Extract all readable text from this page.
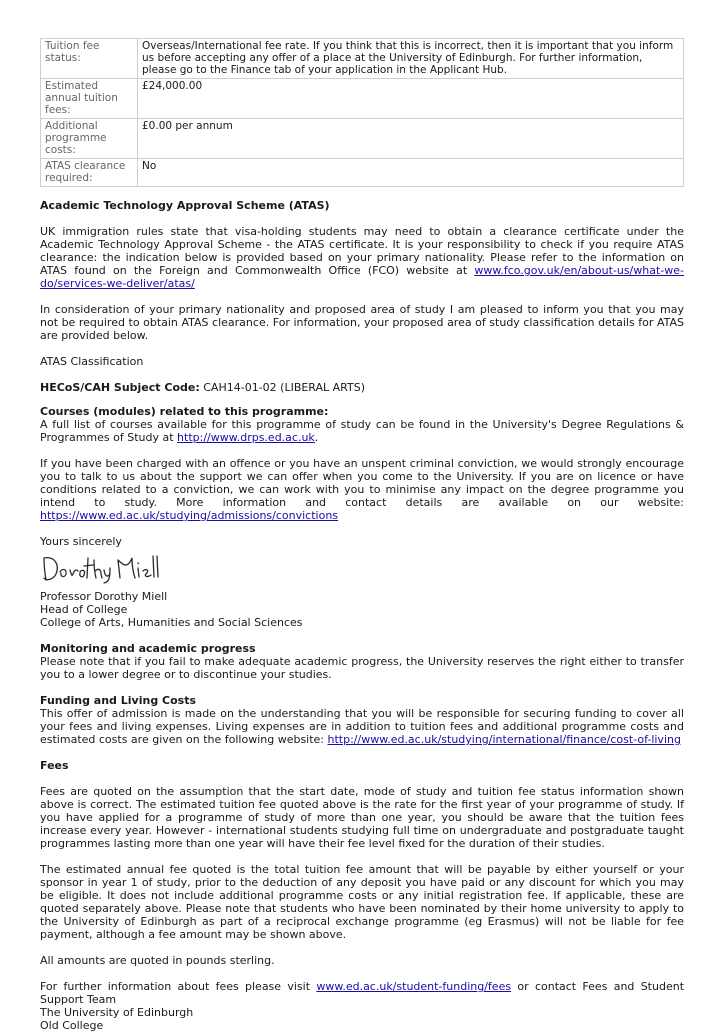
Tuition fee status:	Overseas/International fee rate. If you think that this is incorrect, then it is important that you inform us before accepting any offer of a place at the University of Edinburgh. For further information, please go to the Finance tab of your application in the Applicant Hub.
Estimated annual tuition fees:	£24,000.00
Additional programme costs:	£0.00 per annum
ATAS clearance required:	No

Academic Technology Approval Scheme (ATAS)

UK immigration rules state that visa-holding students may need to obtain a clearance certificate under the Academic Technology Approval Scheme - the ATAS certificate. It is your responsibility to check if you require ATAS clearance: the indication below is provided based on your primary nationality. Please refer to the information on ATAS found on the Foreign and Commonwealth Office (FCO) website at www.fco.gov.uk/en/about-us/what-we-do/services-we-deliver/atas/

In consideration of your primary nationality and proposed area of study I am pleased to inform you that you may not be required to obtain ATAS clearance. For information, your proposed area of study classification details for ATAS are provided below.

ATAS Classification

HECoS/CAH Subject Code: CAH14-01-02 (LIBERAL ARTS)

Courses (modules) related to this programme:

A full list of courses available for this programme of study can be found in the University's Degree Regulations & Programmes of Study at http://www.drps.ed.ac.uk.

If you have been charged with an offence or you have an unspent criminal conviction, we would strongly encourage you to talk to us about the support we can offer when you come to the University. If you are on licence or have conditions related to a conviction, we can work with you to minimise any impact on the degree programme you intend to study. More information and contact details are available on our website: https://www.ed.ac.uk/studying/admissions/convictions

Yours sincerely

Professor Dorothy Miell

Head of College

College of Arts, Humanities and Social Sciences

Monitoring and academic progress

Please note that if you fail to make adequate academic progress, the University reserves the right either to transfer you to a lower degree or to discontinue your studies.

Funding and Living Costs

This offer of admission is made on the understanding that you will be responsible for securing funding to cover all your fees and living expenses. Living expenses are in addition to tuition fees and additional programme costs and estimated costs are given on the following website: http://www.ed.ac.uk/studying/international/finance/cost-of-living

Fees

Fees are quoted on the assumption that the start date, mode of study and tuition fee status information shown above is correct. The estimated tuition fee quoted above is the rate for the first year of your programme of study. If you have applied for a programme of study of more than one year, you should be aware that the tuition fees increase every year. However - international students studying full time on undergraduate and postgraduate taught programmes lasting more than one year will have their fee level fixed for the duration of their studies.

The estimated annual fee quoted is the total tuition fee amount that will be payable by either yourself or your sponsor in year 1 of study, prior to the deduction of any deposit you have paid or any discount for which you may be eligible. It does not include additional programme costs or any initial registration fee. If applicable, these are quoted separately above. Please note that students who have been nominated by their home university to apply to the University of Edinburgh as part of a reciprocal exchange programme (eg Erasmus) will not be liable for fee payment, although a fee amount may be shown above.

All amounts are quoted in pounds sterling.

For further information about fees please visit www.ed.ac.uk/student-funding/fees or contact Fees and Student Support Team

The University of Edinburgh

Old College
